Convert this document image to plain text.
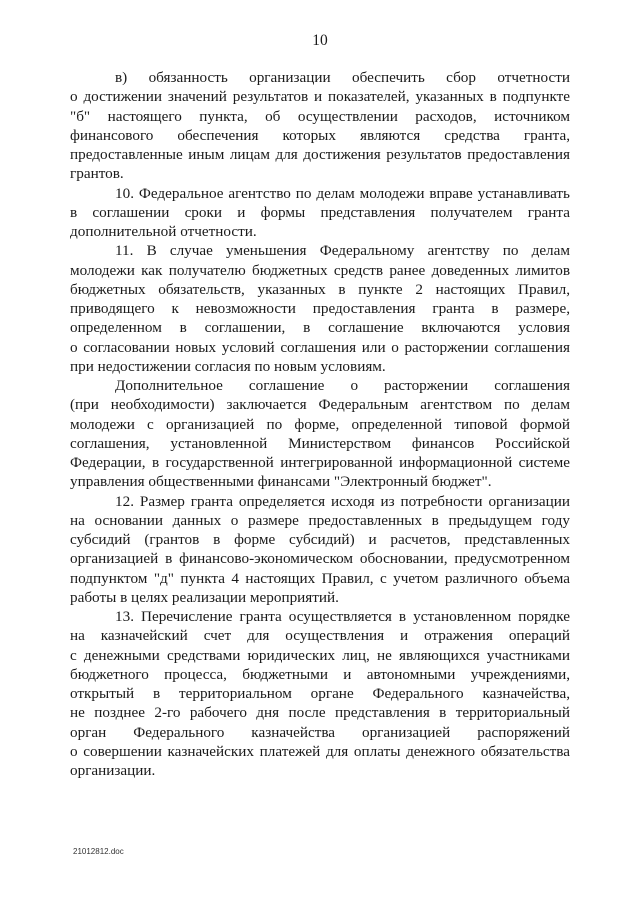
10
в) обязанность организации обеспечить сбор отчетности
о достижении значений результатов и показателей, указанных в подпункте
"б" настоящего пункта, об осуществлении расходов, источником
финансового обеспечения которых являются средства гранта,
предоставленные иным лицам для достижения результатов предоставления
грантов.
10. Федеральное агентство по делам молодежи вправе устанавливать
в соглашении сроки и формы представления получателем гранта
дополнительной отчетности.
11. В случае уменьшения Федеральному агентству по делам
молодежи как получателю бюджетных средств ранее доведенных лимитов
бюджетных обязательств, указанных в пункте 2 настоящих Правил,
приводящего к невозможности предоставления гранта в размере,
определенном в соглашении, в соглашение включаются условия
о согласовании новых условий соглашения или о расторжении соглашения
при недостижении согласия по новым условиям.
Дополнительное соглашение о расторжении соглашения
(при необходимости) заключается Федеральным агентством по делам
молодежи с организацией по форме, определенной типовой формой
соглашения, установленной Министерством финансов Российской
Федерации, в государственной интегрированной информационной системе
управления общественными финансами "Электронный бюджет".
12. Размер гранта определяется исходя из потребности организации
на основании данных о размере предоставленных в предыдущем году
субсидий (грантов в форме субсидий) и расчетов, представленных
организацией в финансово-экономическом обосновании, предусмотренном
подпунктом "д" пункта 4 настоящих Правил, с учетом различного объема
работы в целях реализации мероприятий.
13. Перечисление гранта осуществляется в установленном порядке
на казначейский счет для осуществления и отражения операций
с денежными средствами юридических лиц, не являющихся участниками
бюджетного процесса, бюджетными и автономными учреждениями,
открытый в территориальном органе Федерального казначейства,
не позднее 2-го рабочего дня после представления в территориальный
орган Федерального казначейства организацией распоряжений
о совершении казначейских платежей для оплаты денежного обязательства
организации.
21012812.doc
